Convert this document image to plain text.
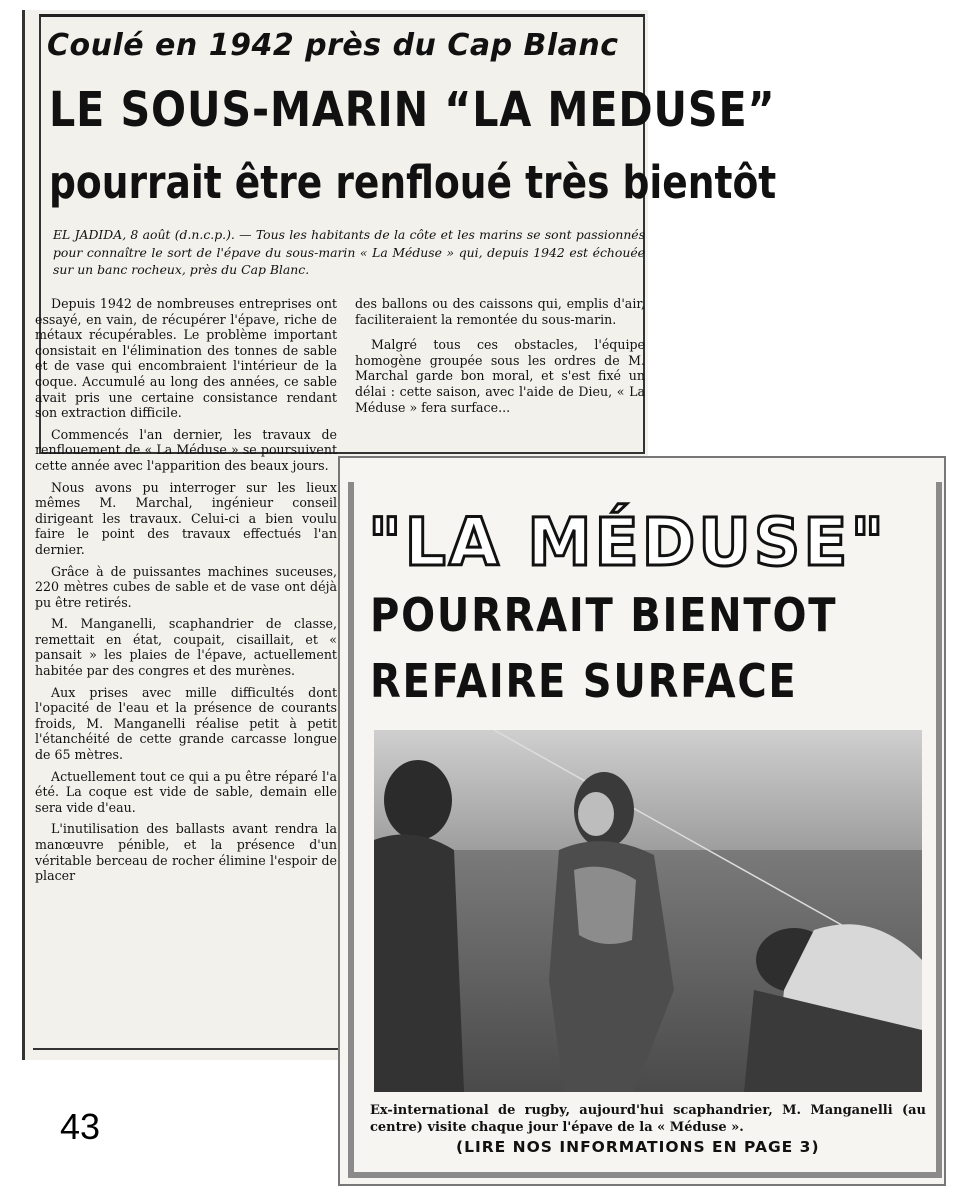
Coulé en 1942 près du Cap Blanc
LE SOUS-MARIN “LA MEDUSE”
pourrait être renfloué très bientôt
EL JADIDA, 8 août (d.n.c.p.). — Tous les habitants de la côte et les marins se sont passionnés pour connaître le sort de l'épave du sous-marin « La Méduse » qui, depuis 1942 est échouée sur un banc rocheux, près du Cap Blanc.

Depuis 1942 de nombreuses entreprises ont essayé, en vain, de récupérer l'épave, riche de métaux récupérables. Le problème important consistait en l'élimination des tonnes de sable et de vase qui encombraient l'intérieur de la coque. Accumulé au long des années, ce sable avait pris une certaine consistance rendant son extraction difficile.

Commencés l'an dernier, les travaux de renflouement de « La Méduse » se poursuivent cette année avec l'apparition des beaux jours.

Nous avons pu interroger sur les lieux mêmes M. Marchal, ingénieur conseil dirigeant les travaux. Celui-ci a bien voulu faire le point des travaux effectués l'an dernier.

Grâce à de puissantes machines suceuses, 220 mètres cubes de sable et de vase ont déjà pu être retirés.

M. Manganelli, scaphandrier de classe, remettait en état, coupait, cisaillait, et « pansait » les plaies de l'épave, actuellement habitée par des congres et des murènes.

Aux prises avec mille difficultés dont l'opacité de l'eau et la présence de courants froids, M. Manganelli réalise petit à petit l'étanchéité de cette grande carcasse longue de 65 mètres.

Actuellement tout ce qui a pu être réparé l'a été. La coque est vide de sable, demain elle sera vide d'eau.

L'inutilisation des ballasts avant rendra la manœuvre pénible, et la présence d'un véritable berceau de rocher élimine l'espoir de placer

des ballons ou des caissons qui, emplis d'air, faciliteraient la remontée du sous-marin.

Malgré tous ces obstacles, l'équipe homogène groupée sous les ordres de M. Marchal garde bon moral, et s'est fixé un délai : cette saison, avec l'aide de Dieu, « La Méduse » fera surface...

"LA MÉDUSE"
POURRAIT BIENTOT
REFAIRE SURFACE
Ex-international de rugby, aujourd'hui scaphandrier, M. Manganelli (au centre) visite chaque jour l'épave de la « Méduse ».
(LIRE NOS INFORMATIONS EN PAGE 3)
43
